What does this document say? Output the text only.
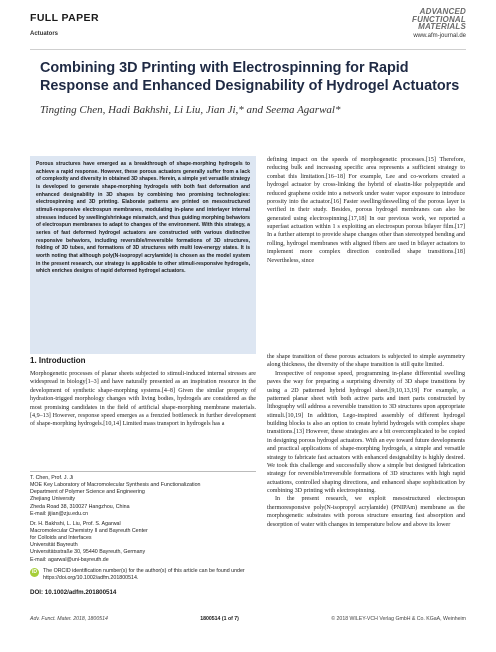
FULL PAPER
Actuators
ADVANCED
FUNCTIONAL
MATERIALS
www.afm-journal.de
Combining 3D Printing with Electrospinning for Rapid Response and Enhanced Designability of Hydrogel Actuators
Tingting Chen, Hadi Bakhshi, Li Liu, Jian Ji,* and Seema Agarwal*
Porous structures have emerged as a breakthrough of shape-morphing hydrogels to achieve a rapid response. However, these porous actuators generally suffer from a lack of complexity and diversity in obtained 3D shapes. Herein, a simple yet versatile strategy is developed to generate shape-morphing hydrogels with both fast deformation and enhanced designability in 3D shapes by combining two promising technologies: electrospinning and 3D printing. Elaborate patterns are printed on mesostructured stimuli-responsive electrospun membranes, modulating in-plane and interlayer internal stresses induced by swelling/shrinkage mismatch, and thus guiding morphing behaviors of electrospun membranes to adapt to changes of the environment. With this strategy, a series of fast deformed hydrogel actuators are constructed with various distinctive responsive behaviors, including reversible/irreversible formations of 3D structures, folding of 3D tubes, and formations of 3D structures with multi low-energy states. It is worth noting that although poly(N-isopropyl acrylamide) is chosen as the model system in the present research, our strategy is applicable to other stimuli-responsive hydrogels, which enriches designs of rapid deformed hydrogel actuators.
1. Introduction

Morphogenetic processes of planar sheets subjected to stimuli-induced internal stresses are widespread in biology[1–3] and have naturally presented as an inspiration resource in the development of synthetic shape-morphing systems.[4–8] Given the similar property of hydration-trigged morphology changes with living bodies, hydrogels are considered as the most promising candidates in the field of artificial shape-morphing membrane materials.[4,9–13] However, response speed emerges as a frenzied bottleneck in further development of shape-morphing hydrogels.[10,14] Limited mass transport in hydrogels has a

T. Chen, Prof. J. Ji
MOE Key Laboratory of Macromolecular Synthesis and Functionalization
Department of Polymer Science and Engineering
Zhejiang University
Zheda Road 38, 310027 Hangzhou, China
E-mail: jijian@zju.edu.cn
Dr. H. Bakhshi, L. Liu, Prof. S. Agarwal
Macromolecular Chemistry II and Bayreuth Center
for Colloids and Interfaces
Universität Bayreuth
Universitätsstraße 30, 95440 Bayreuth, Germany
E-mail: agarwal@uni-bayreuth.de
iD	The ORCID identification number(s) for the author(s) of this article can be found under https://doi.org/10.1002/adfm.201800514.
DOI: 10.1002/adfm.201800514

defining impact on the speeds of morphogenetic processes.[15] Therefore, reducing bulk and increasing specific area represents a sufficient strategy to combat this limitation.[16–18] For example, Lee and co-workers created a hydrogel actuator by cross-linking the hybrid of elastin-like polypeptide and reduced graphene oxide into a network under water vapor exposure to introduce porosity into the actuator.[16] Faster swelling/deswelling of the porous layer is verified in their study. Besides, porous hydrogel membranes can also be generated using electrospinning.[17,18] In our previous work, we reported a superfast actuation within 1 s exploiting an electrospun porous bilayer film.[17] In a further attempt to provide shape changes other than stereotyped bending and rolling, hydrogel membranes with aligned fibers are used in bilayer actuators to implement more complex direction controlled shape transitions.[18] Nevertheless, since

the shape transition of these porous actuators is subjected to simple asymmetry along thickness, the diversity of the shape transition is still quite limited.

Irrespective of response speed, programming in-plane differential swelling paves the way for preparing a surprising diversity of 3D shape transitions by using a 2D patterned hybrid hydrogel sheet.[9,10,13,19] For example, a patterned planar sheet with both active parts and inert parts constructed by lithography will address a reversible transition to 3D structures upon appropriate stimuli.[10,19] In addition, Lego-inspired assembly of different hydrogel building blocks is also an option to create hybrid hydrogels with complex shape transitions.[13] However, these strategies are a bit overcomplicated to be copied in designing porous hydrogel actuators. With an eye toward future developments and practical applications of shape-morphing hydrogels, a simple and versatile strategy to fabricate fast actuators with enhanced designability is highly desired. We took this challenge and successfully show a simple but designed fabrication strategy for reversible/irreversible formations of 3D structures with high rapid actuations, controlled shaping directions, and enhanced shape sophistication by combining 3D printing with electrospinning.

In the present research, we exploit mesostructured electrospun thermoresponsive poly(N-isopropyl acrylamide) (PNIPAm) membrane as the morphogenetic substrates with porous structure ensuring fast absorption and desorption of water with changes in temperature below and above its lower

Adv. Funct. Mater. 2018, 1800514	1800514 (1 of 7)	© 2018 WILEY-VCH Verlag GmbH & Co. KGaA, Weinheim
